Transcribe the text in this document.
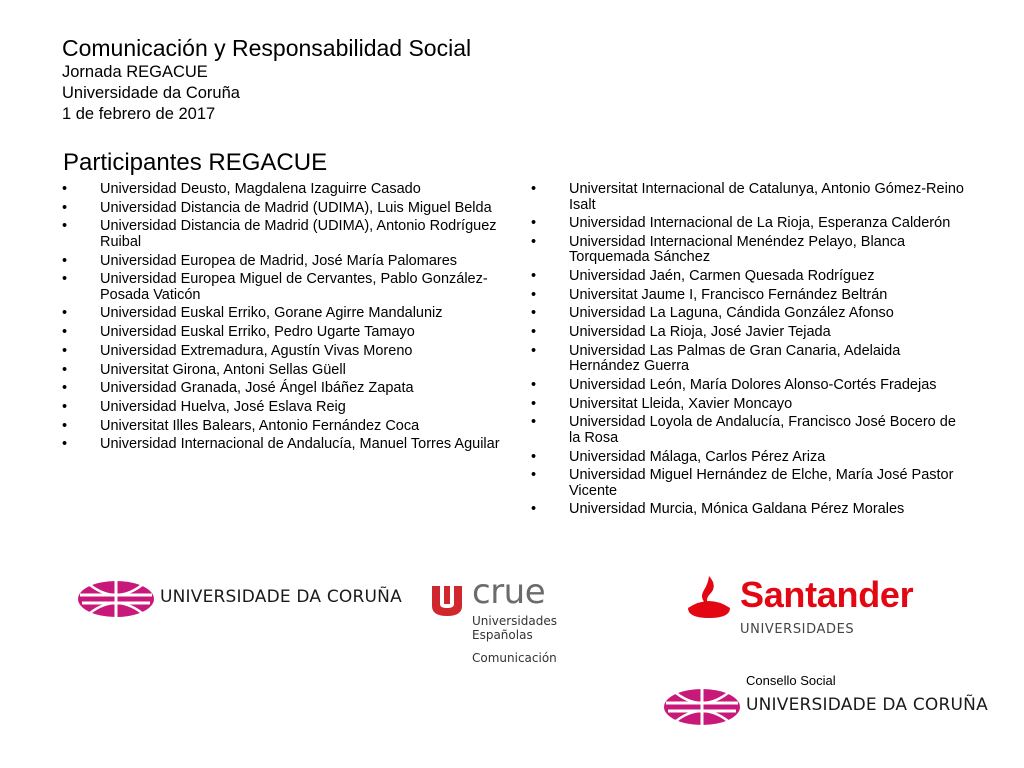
Comunicación y Responsabilidad Social
Jornada REGACUE
Universidade da Coruña
1 de febrero de 2017
Participantes REGACUE
• Universidad Deusto, Magdalena Izaguirre Casado
• Universidad Distancia de Madrid (UDIMA), Luis Miguel Belda
• Universidad Distancia de Madrid (UDIMA), Antonio Rodríguez Ruibal
• Universidad Europea de Madrid, José María Palomares
• Universidad Europea Miguel de Cervantes, Pablo González-Posada Vaticón
• Universidad Euskal Erriko, Gorane Agirre Mandaluniz
• Universidad Euskal Erriko, Pedro Ugarte Tamayo
• Universidad Extremadura, Agustín Vivas Moreno
• Universitat Girona, Antoni Sellas Güell
• Universidad Granada, José Ángel Ibáñez Zapata
• Universidad Huelva, José Eslava Reig
• Universitat Illes Balears, Antonio Fernández Coca
• Universidad Internacional de Andalucía, Manuel Torres Aguilar
• Universitat Internacional de Catalunya, Antonio Gómez-Reino Isalt
• Universidad Internacional de La Rioja, Esperanza Calderón
• Universidad Internacional Menéndez Pelayo, Blanca Torquemada Sánchez
• Universidad Jaén, Carmen Quesada Rodríguez
• Universitat Jaume I, Francisco Fernández Beltrán
• Universidad La Laguna, Cándida González Afonso
• Universidad La Rioja, José Javier Tejada
• Universidad Las Palmas de Gran Canaria, Adelaida Hernández Guerra
• Universidad León, María Dolores Alonso-Cortés Fradejas
• Universitat Lleida, Xavier Moncayo
• Universidad Loyola de Andalucía, Francisco José Bocero de la Rosa
• Universidad Málaga, Carlos Pérez Ariza
• Universidad Miguel Hernández de Elche, María José Pastor Vicente
• Universidad Murcia, Mónica Galdana Pérez Morales
UNIVERSIDADE DA CORUÑA crue
Universidades
Españolas
Comunicación
Santander
UNIVERSIDADES
Consello Social
UNIVERSIDADE DA CORUÑA
